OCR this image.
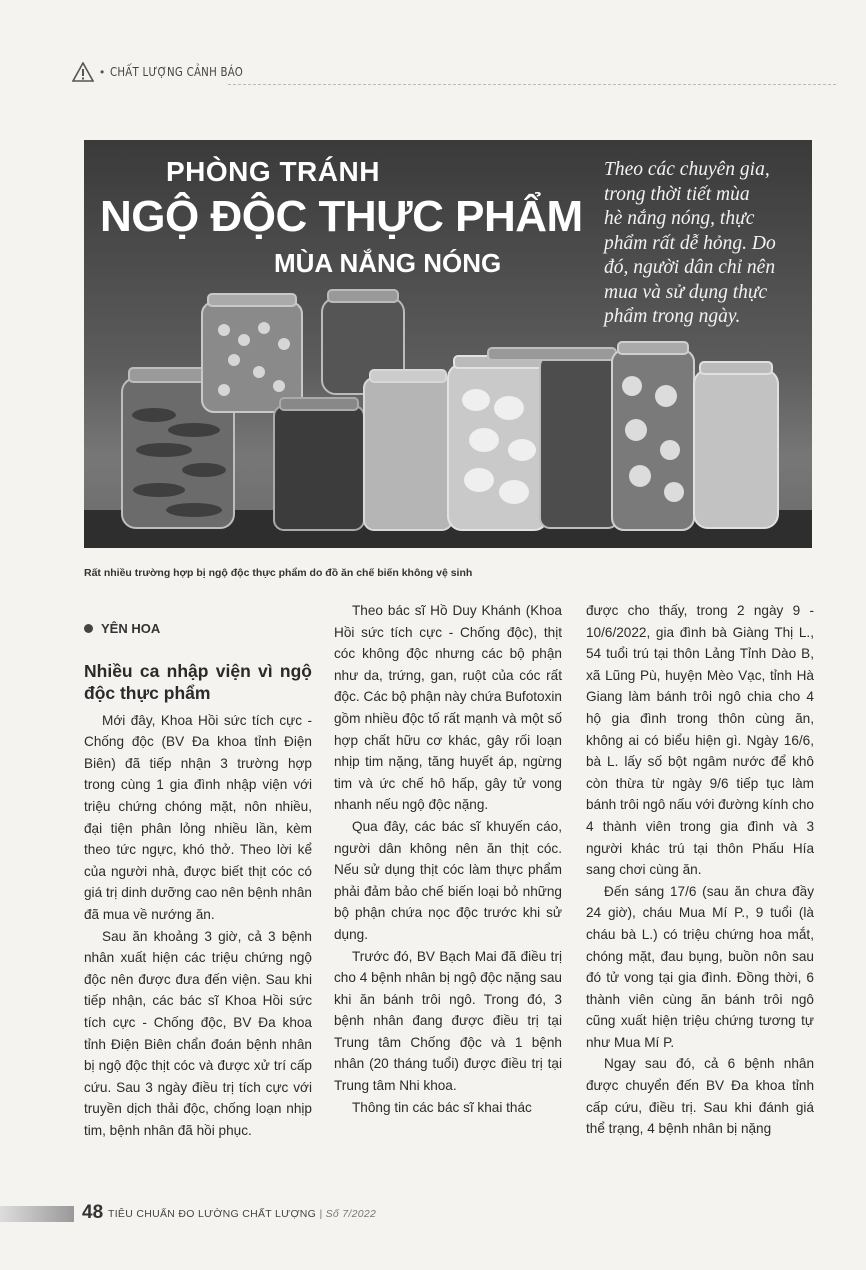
• CHẤT LƯỢNG CẢNH BÁO
PHÒNG TRÁNH
NGỘ ĐỘC THỰC PHẨM
MÙA NẮNG NÓNG
Theo các chuyên gia,
trong thời tiết mùa
hè nắng nóng, thực
phẩm rất dễ hỏng. Do
đó, người dân chỉ nên
mua và sử dụng thực
phẩm trong ngày.
Rất nhiều trường hợp bị ngộ độc thực phẩm do đồ ăn chế biến không vệ sinh
YÊN HOA
Nhiều ca nhập viện vì ngộ độc thực phẩm

Mới đây, Khoa Hồi sức tích cực - Chống độc (BV Đa khoa tỉnh Điện Biên) đã tiếp nhận 3 trường hợp trong cùng 1 gia đình nhập viện với triệu chứng chóng mặt, nôn nhiều, đại tiện phân lỏng nhiều lần, kèm theo tức ngực, khó thở. Theo lời kể của người nhà, được biết thịt cóc có giá trị dinh dưỡng cao nên bệnh nhân đã mua về nướng ăn.

Sau ăn khoảng 3 giờ, cả 3 bệnh nhân xuất hiện các triệu chứng ngộ độc nên được đưa đến viện. Sau khi tiếp nhận, các bác sĩ Khoa Hồi sức tích cực - Chống độc, BV Đa khoa tỉnh Điện Biên chẩn đoán bệnh nhân bị ngộ độc thịt cóc và được xử trí cấp cứu. Sau 3 ngày điều trị tích cực với truyền dịch thải độc, chống loạn nhịp tim, bệnh nhân đã hồi phục.

Theo bác sĩ Hồ Duy Khánh (Khoa Hồi sức tích cực - Chống độc), thịt cóc không độc nhưng các bộ phận như da, trứng, gan, ruột của cóc rất độc. Các bộ phận này chứa Bufotoxin gồm nhiều độc tố rất mạnh và một số hợp chất hữu cơ khác, gây rối loạn nhịp tim nặng, tăng huyết áp, ngừng tim và ức chế hô hấp, gây tử vong nhanh nếu ngộ độc nặng.

Qua đây, các bác sĩ khuyến cáo, người dân không nên ăn thịt cóc. Nếu sử dụng thịt cóc làm thực phẩm phải đảm bảo chế biến loại bỏ những bộ phận chứa nọc độc trước khi sử dụng.

Trước đó, BV Bạch Mai đã điều trị cho 4 bệnh nhân bị ngộ độc nặng sau khi ăn bánh trôi ngô. Trong đó, 3 bệnh nhân đang được điều trị tại Trung tâm Chống độc và 1 bệnh nhân (20 tháng tuổi) được điều trị tại Trung tâm Nhi khoa.

Thông tin các bác sĩ khai thác

được cho thấy, trong 2 ngày 9 - 10/6/2022, gia đình bà Giàng Thị L., 54 tuổi trú tại thôn Lảng Tỉnh Dào B, xã Lũng Pù, huyện Mèo Vạc, tỉnh Hà Giang làm bánh trôi ngô chia cho 4 hộ gia đình trong thôn cùng ăn, không ai có biểu hiện gì. Ngày 16/6, bà L. lấy số bột ngâm nước để khô còn thừa từ ngày 9/6 tiếp tục làm bánh trôi ngô nấu với đường kính cho 4 thành viên trong gia đình và 3 người khác trú tại thôn Phấu Hía sang chơi cùng ăn.

Đến sáng 17/6 (sau ăn chưa đầy 24 giờ), cháu Mua Mí P., 9 tuổi (là cháu bà L.) có triệu chứng hoa mắt, chóng mặt, đau bụng, buồn nôn sau đó tử vong tại gia đình. Đồng thời, 6 thành viên cùng ăn bánh trôi ngô cũng xuất hiện triệu chứng tương tự như Mua Mí P.

Ngay sau đó, cả 6 bệnh nhân được chuyển đến BV Đa khoa tỉnh cấp cứu, điều trị. Sau khi đánh giá thể trạng, 4 bệnh nhân bị nặng

48 TIÊU CHUẨN ĐO LƯỜNG CHẤT LƯỢNG | Số 7/2022
